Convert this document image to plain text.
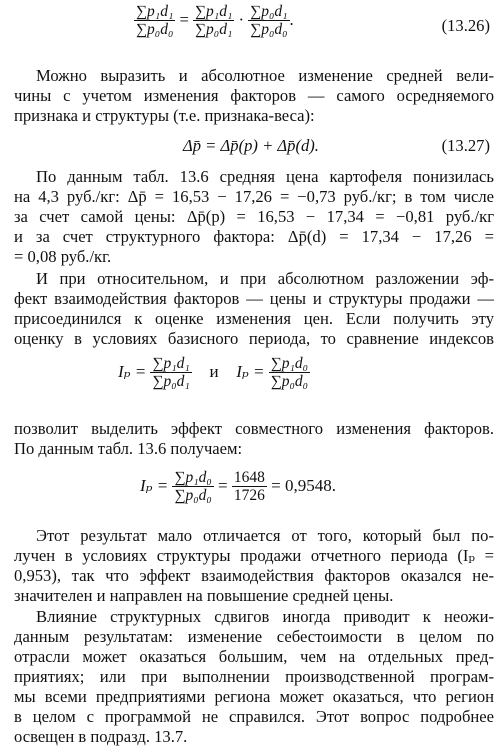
$\frac{\text{∑p₁d₁}}{\text{∑p₀d₀}} = \frac{\text{∑p₁d₁}}{\text{∑p₀d₁}} \cdot \frac{\text{∑p₀d₁}}{\text{∑p₀d₀}}$ .	(13.26)
Можно выразить и абсолютное изменение средней вели-
чины с учетом изменения факторов — самого осредняемого
признака и структуры (т.е. признака-веса):
Δp̄ = Δp̄(p) + Δp̄(d).	(13.27)
По данным табл. 13.6 средняя цена картофеля понизилась
на 4,3 руб./кг: Δp̄ = 16,53 − 17,26 = −0,73 руб./кг; в том числе
за счет самой цены: Δp̄(p) = 16,53 − 17,34 = −0,81 руб./кг
и за счет структурного фактора: Δp̄(d) = 17,34 − 17,26 =
= 0,08 руб./кг.
И при относительном, и при абсолютном разложении эф-
фект взаимодействия факторов — цены и структуры продажи —
присоединился к оценке изменения цен. Если получить эту
оценку в условиях базисного периода, то сравнение индексов
$I_p = \frac{\text{∑p₁d₁}}{\text{∑p₀d₁}}$ и $I_p = \frac{\text{∑p₁d₀}}{\text{∑p₀d₀}}$
позволит выделить эффект совместного изменения факторов.
По данным табл. 13.6 получаем:
$I_p = \frac{\text{∑p₁d₀}}{\text{∑p₀d₀}} = \frac{1648}{1726} = 0,9548$.
Этот результат мало отличается от того, который был по-
лучен в условиях структуры продажи отчетного периода (Iₚ =
0,953), так что эффект взаимодействия факторов оказался не-
значителен и направлен на повышение средней цены.
Влияние структурных сдвигов иногда приводит к неожи-
данным результатам: изменение себестоимости в целом по
отрасли может оказаться большим, чем на отдельных пред-
приятиях; или при выполнении производственной програм-
мы всеми предприятиями региона может оказаться, что регион
в целом с программой не справился. Этот вопрос подробнее
освещен в подразд. 13.7.
